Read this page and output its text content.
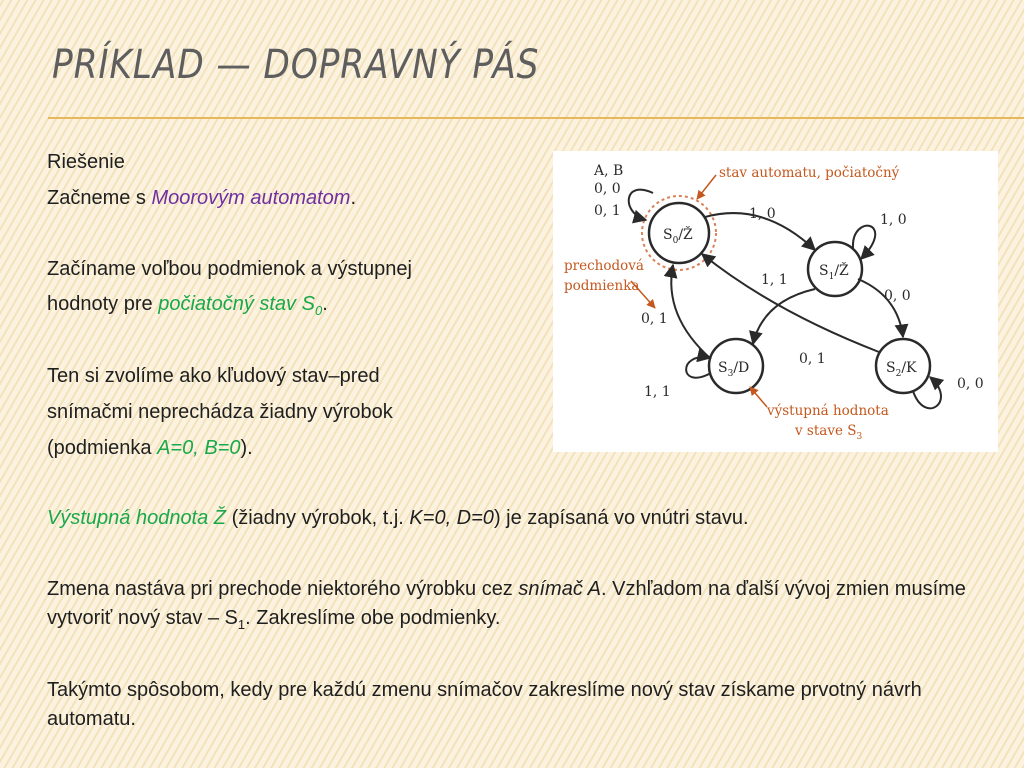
PRÍKLAD — DOPRAVNÝ PÁS

Riešenie

Začneme s Moorovým automatom.

Začíname voľbou podmienok a výstupnej

hodnoty pre počiatočný stav $S_0$.

Ten si zvolíme ako kľudový stav–pred

snímačmi neprechádza žiadny výrobok

(podmienka A=0, B=0).

Výstupná hodnota Ž (žiadny výrobok, t.j. K=0, D=0) je zapísaná vo vnútri stavu.

Zmena nastáva pri prechode niektorého výrobku cez snímač A. Vzhľadom na ďalší vývoj zmien musíme vytvoriť nový stav – $S_1$. Zakreslíme obe podmienky.

Takýmto spôsobom, kedy pre každú zmenu snímačov zakreslíme nový stav získame prvotný návrh automatu.

$S_0/Ž$
$S_1/Ž$
$S_3/D$	$S_2/K$
A, B
0, 0
0, 1	1, 0	1, 0
1, 1
0, 0
0, 1
0, 1
1, 1	0, 0
stav automatu, počiatočný
prechodová
podmienka
výstupná hodnota
v stave $S_3$
